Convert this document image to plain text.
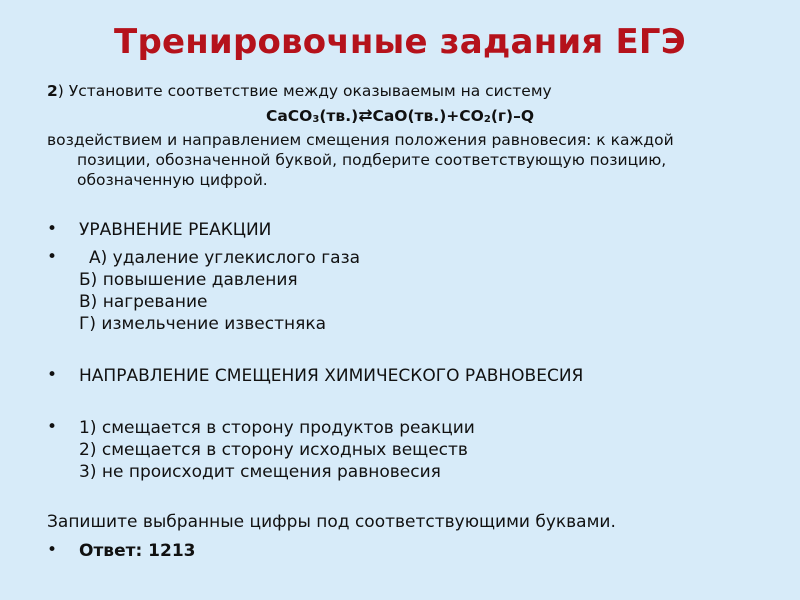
Тренировочные задания ЕГЭ
2) Установите соответствие между оказываемым на систему
$CaCO_3(тв.)⇄CaO(тв.)+CO_2(г)-Q$
воздействием и направлением смещения положения равновесия: к каждой
позиции, обозначенной буквой, подберите соответствующую позицию,
обозначенную цифрой.
• УРАВНЕНИЕ РЕАКЦИИ
•	А) удаление углекислого газа
Б) повышение давления
В) нагревание
Г) измельчение известняка
• НАПРАВЛЕНИЕ СМЕЩЕНИЯ ХИМИЧЕСКОГО РАВНОВЕСИЯ
• 1) смещается в сторону продуктов реакции
2) смещается в сторону исходных веществ
3) не происходит смещения равновесия
Запишите выбранные цифры под соответствующими буквами.
• Ответ: 1213
